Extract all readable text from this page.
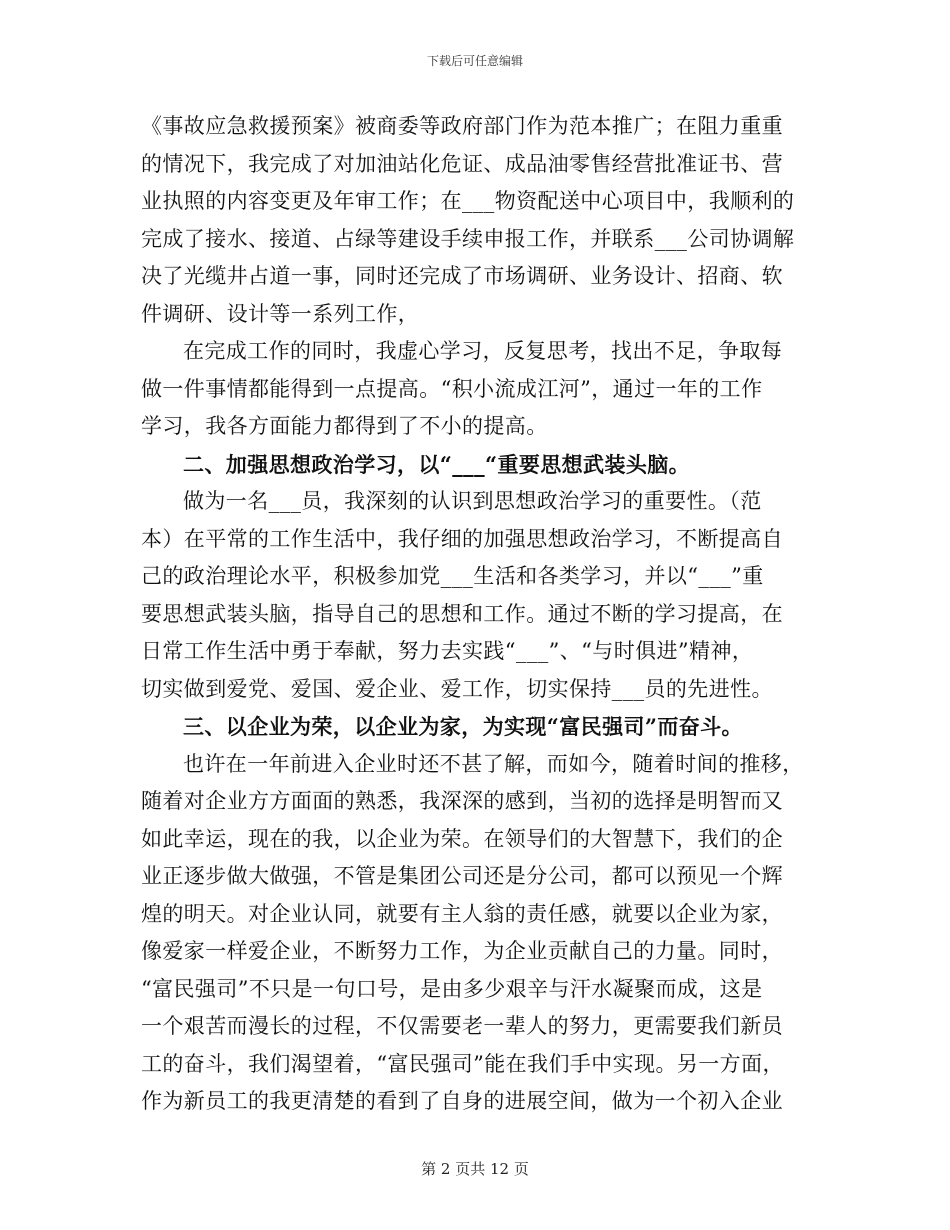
下载后可任意编辑
《事故应急救援预案》被商委等政府部门作为范本推广；在阻力重重
的情况下，我完成了对加油站化危证、成品油零售经营批准证书、营
业执照的内容变更及年审工作；在___物资配送中心项目中，我顺利的
完成了接水、接道、占绿等建设手续申报工作，并联系___公司协调解
决了光缆井占道一事，同时还完成了市场调研、业务设计、招商、软
件调研、设计等一系列工作，
在完成工作的同时，我虚心学习，反复思考，找出不足，争取每
做一件事情都能得到一点提高。“积小流成江河”，通过一年的工作
学习，我各方面能力都得到了不小的提高。
二、加强思想政治学习，以“___“重要思想武装头脑。
做为一名___员，我深刻的认识到思想政治学习的重要性。（范
本）在平常的工作生活中，我仔细的加强思想政治学习，不断提高自
己的政治理论水平，积极参加党___生活和各类学习，并以“___”重
要思想武装头脑，指导自己的思想和工作。通过不断的学习提高，在
日常工作生活中勇于奉献，努力去实践“___”、“与时俱进”精神，
切实做到爱党、爱国、爱企业、爱工作，切实保持___员的先进性。
三、以企业为荣，以企业为家，为实现“富民强司”而奋斗。
也许在一年前进入企业时还不甚了解，而如今，随着时间的推移，
随着对企业方方面面的熟悉，我深深的感到，当初的选择是明智而又
如此幸运，现在的我，以企业为荣。在领导们的大智慧下，我们的企
业正逐步做大做强，不管是集团公司还是分公司，都可以预见一个辉
煌的明天。对企业认同，就要有主人翁的责任感，就要以企业为家，
像爱家一样爱企业，不断努力工作，为企业贡献自己的力量。同时，
“富民强司”不只是一句口号，是由多少艰辛与汗水凝聚而成，这是
一个艰苦而漫长的过程，不仅需要老一辈人的努力，更需要我们新员
工的奋斗，我们渴望着，“富民强司”能在我们手中实现。另一方面，
作为新员工的我更清楚的看到了自身的进展空间，做为一个初入企业
第 2 页共 12 页
